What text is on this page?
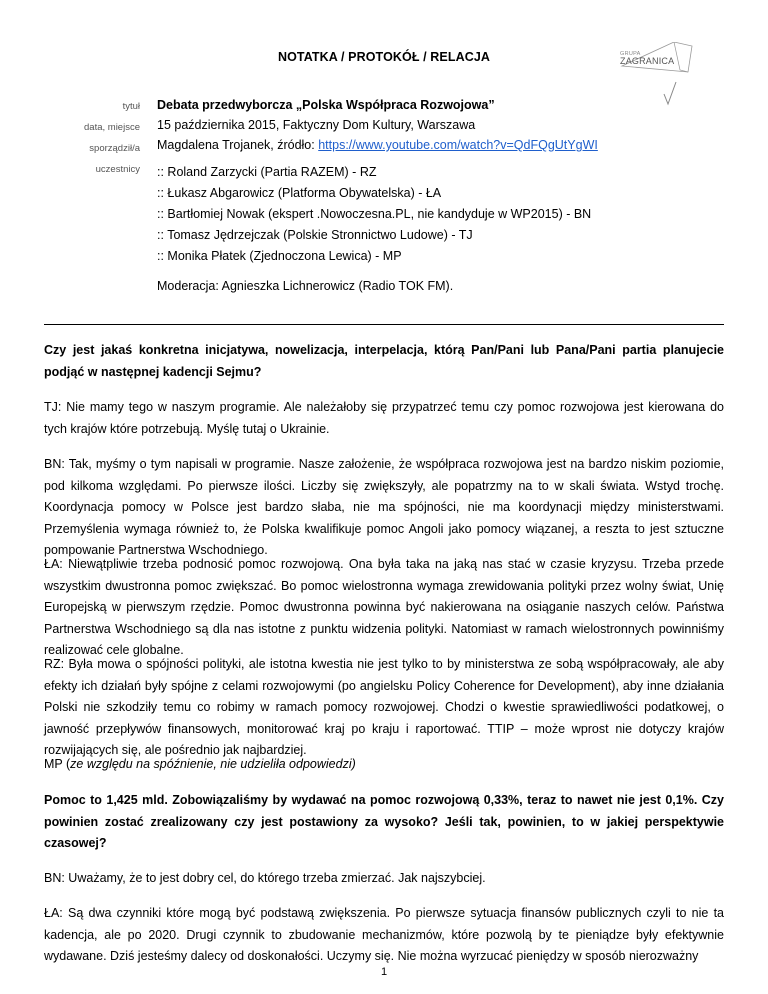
NOTATKA / PROTOKÓŁ / RELACJA	GRUPA
ZAGRANICA
tytuł
data, miejsce
sporządził/a
uczestnicy
Debata przedwyborcza „Polska Współpraca Rozwojowa”
15 października 2015, Faktyczny Dom Kultury, Warszawa
Magdalena Trojanek, źródło: https://www.youtube.com/watch?v=QdFQgUtYgWI
:: Roland Zarzycki (Partia RAZEM) - RZ
:: Łukasz Abgarowicz (Platforma Obywatelska) - ŁA
:: Bartłomiej Nowak (ekspert .Nowoczesna.PL, nie kandyduje w WP2015) - BN
:: Tomasz Jędrzejczak (Polskie Stronnictwo Ludowe) - TJ
:: Monika Płatek (Zjednoczona Lewica) - MP
Moderacja: Agnieszka Lichnerowicz (Radio TOK FM).
Czy jest jakaś konkretna inicjatywa, nowelizacja, interpelacja, którą Pan/Pani lub Pana/Pani partia planujecie podjąć w następnej kadencji Sejmu?
TJ: Nie mamy tego w naszym programie. Ale należałoby się przypatrzeć temu czy pomoc rozwojowa jest kierowana do tych krajów które potrzebują. Myślę tutaj o Ukrainie.
BN: Tak, myśmy o tym napisali w programie. Nasze założenie, że współpraca rozwojowa jest na bardzo niskim poziomie, pod kilkoma względami. Po pierwsze ilości. Liczby się zwiększyły, ale popatrzmy na to w skali świata. Wstyd trochę. Koordynacja pomocy w Polsce jest bardzo słaba, nie ma spójności, nie ma koordynacji między ministerstwami. Przemyślenia wymaga również to, że Polska kwalifikuje pomoc Angoli jako pomocy wiązanej, a reszta to jest sztuczne pompowanie Partnerstwa Wschodniego.
ŁA: Niewątpliwie trzeba podnosić pomoc rozwojową. Ona była taka na jaką nas stać w czasie kryzysu. Trzeba przede wszystkim dwustronna pomoc zwiększać. Bo pomoc wielostronna wymaga zrewidowania polityki przez wolny świat, Unię Europejską w pierwszym rzędzie. Pomoc dwustronna powinna być nakierowana na osiąganie naszych celów. Państwa Partnerstwa Wschodniego są dla nas istotne z punktu widzenia polityki. Natomiast w ramach wielostronnych powinniśmy realizować cele globalne.
RZ: Była mowa o spójności polityki, ale istotna kwestia nie jest tylko to by ministerstwa ze sobą współpracowały, ale aby efekty ich działań były spójne z celami rozwojowymi (po angielsku Policy Coherence for Development), aby inne działania Polski nie szkodziły temu co robimy w ramach pomocy rozwojowej. Chodzi o kwestie sprawiedliwości podatkowej, o jawność przepływów finansowych, monitorować kraj po kraju i raportować. TTIP – może wprost nie dotyczy krajów rozwijających się, ale pośrednio jak najbardziej.
MP (ze względu na spóźnienie, nie udzieliła odpowiedzi)
Pomoc to 1,425 mld. Zobowiązaliśmy by wydawać na pomoc rozwojową 0,33%, teraz to nawet nie jest 0,1%. Czy powinien zostać zrealizowany czy jest postawiony za wysoko? Jeśli tak, powinien, to w jakiej perspektywie czasowej?
BN: Uważamy, że to jest dobry cel, do którego trzeba zmierzać. Jak najszybciej.
ŁA: Są dwa czynniki które mogą być podstawą zwiększenia. Po pierwsze sytuacja finansów publicznych czyli to nie ta kadencja, ale po 2020. Drugi czynnik to zbudowanie mechanizmów, które pozwolą by te pieniądze były efektywnie wydawane. Dziś jesteśmy dalecy od doskonałości. Uczymy się. Nie można wyrzucać pieniędzy w sposób nierozważny
1
